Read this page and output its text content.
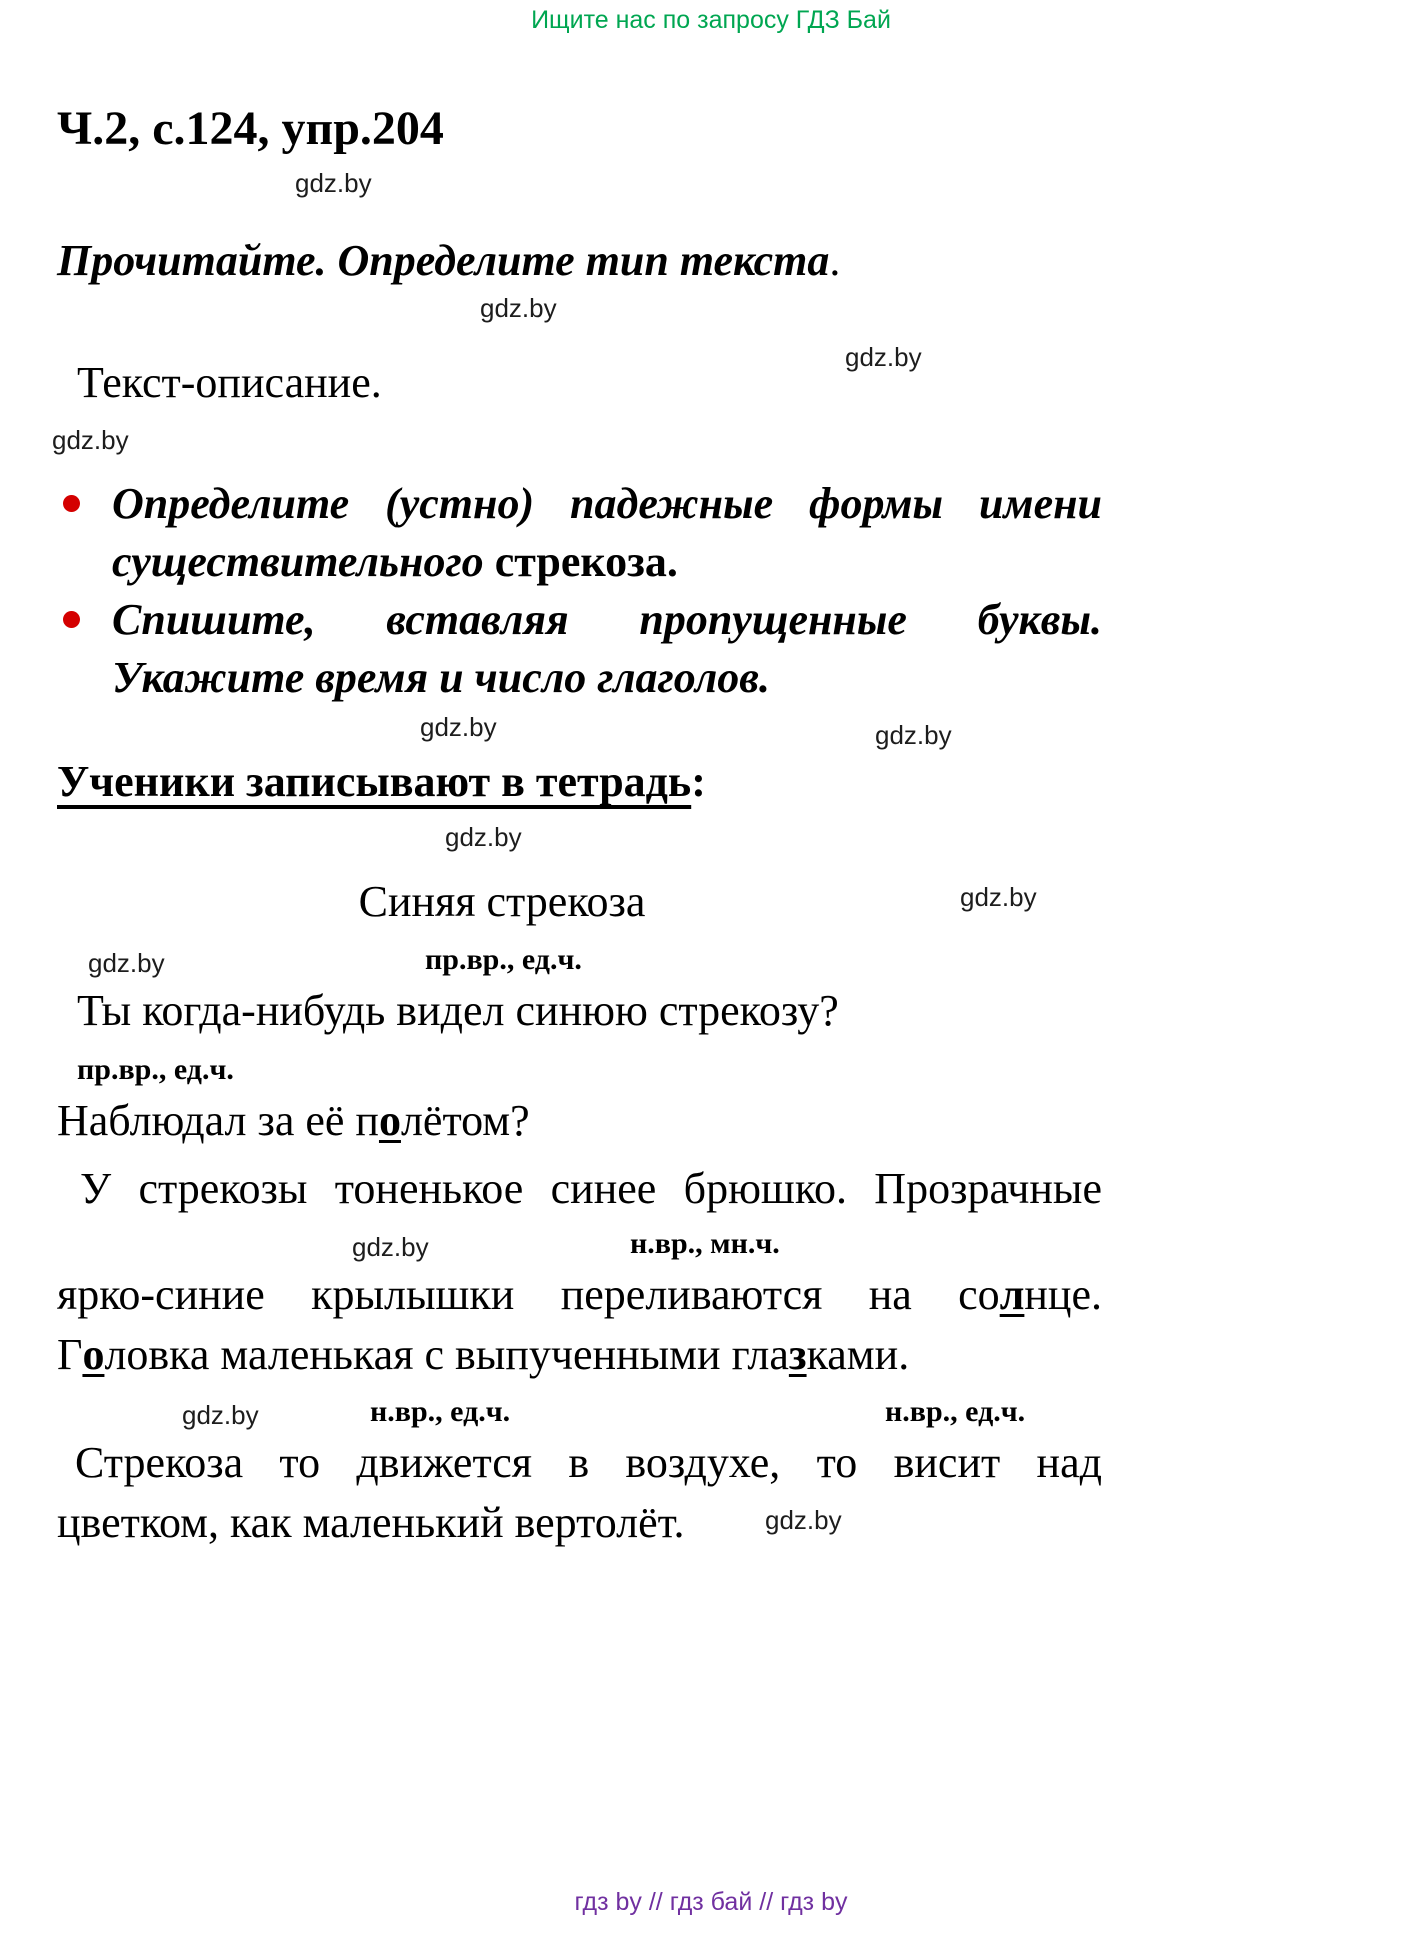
Ищите нас по запросу ГДЗ Бай
Ч.2, с.124, упр.204
Прочитайте. Определите тип текста.
Текст-описание.
Определите (устно) падежные формы имени
существительного стрекоза.
Спишите, вставляя пропущенные буквы.
Укажите время и число глаголов.
Ученики записывают в тетрадь:
Синяя стрекоза
пр.вр., ед.ч.
Ты когда-нибудь видел синюю стрекозу?
пр.вр., ед.ч.
Наблюдал за её полётом?
У стрекозы тоненькое синее брюшко. Прозрачные
н.вр., мн.ч.
ярко-синие крылышки переливаются на солнце.
Головка маленькая с выпученными глазками.
н.вр., ед.ч.	н.вр., ед.ч.
Стрекоза то движется в воздухе, то висит над
цветком, как маленький вертолёт.
gdz.by
gdz.by
gdz.by
gdz.by
gdz.by	gdz.by
gdz.by
gdz.by
gdz.by
gdz.by
gdz.by
gdz.by
гдз by // гдз бай // гдз by
